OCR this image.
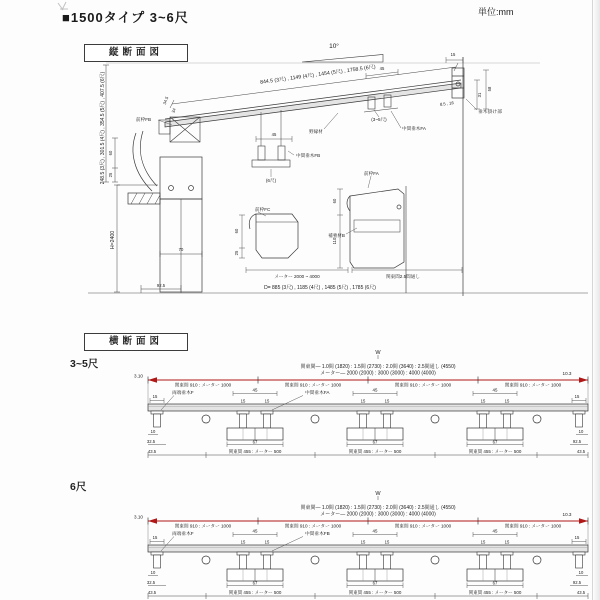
■1500タイプ 3~6尺	単位:mm
縦断面図
横断面図
3~5尺
6尺
844.5 (3尺) , 1149 (4尺) , 1454 (5尺) , 1758.5 (6尺)
248.5 (3尺) , 301.5 (4尺) , 354.5 (5尺) , 407.5 (6尺)	34.5
34
10°
15
58
31
8.5 , 16
垂木掛け部
45
(3~5尺)
中間垂木FA
野縁材
前枠FB
60
25
H=2400
70
92.5	D= 885 (3尺) , 1185 (4尺) , 1485 (5尺) , 1785 (6尺)
45
中間垂木FB
(6尺)
前枠FC
60
25
メーター 2000 ~ 4000
前枠FA
補強材B
60
110
関東間2.5間通し
W
関東間― 1.0間 (1820) : 1.5間 (2730) : 2.0間 (3640) : 2.5間通し (4550)
メーター― 2000 (2000) : 3000 (3000) : 4000 (4000)
関東間 910 : メーター 1000	関東間 910 : メーター 1000	関東間 910 : メーター 1000	関東間 910 : メーター 1000
3.10	10.3
15	15
両端垂木F
15	15
45
67
関東間 455 : メーター 500
15	15
45
67
関東間 455 : メーター 500
15	15
45
67
関東間 455 : メーター 500
中間垂木FA
10
32.5
43.5
10
92.5
43.5
W
関東間― 1.0間 (1820) : 1.5間 (2730) : 2.0間 (3640) : 2.5間通し (4550)
メーター― 2000 (2000) : 3000 (3000) : 4000 (4000)
関東間 910 : メーター 1000	関東間 910 : メーター 1000	関東間 910 : メーター 1000	関東間 910 : メーター 1000
3.10	10.3
15	15
両端垂木F
15	15
45
67
関東間 455 : メーター 500
15	15
45
67
関東間 455 : メーター 500
15	15
45
67
関東間 455 : メーター 500
中間垂木FB
10
32.5
43.5
10
92.5
43.5
